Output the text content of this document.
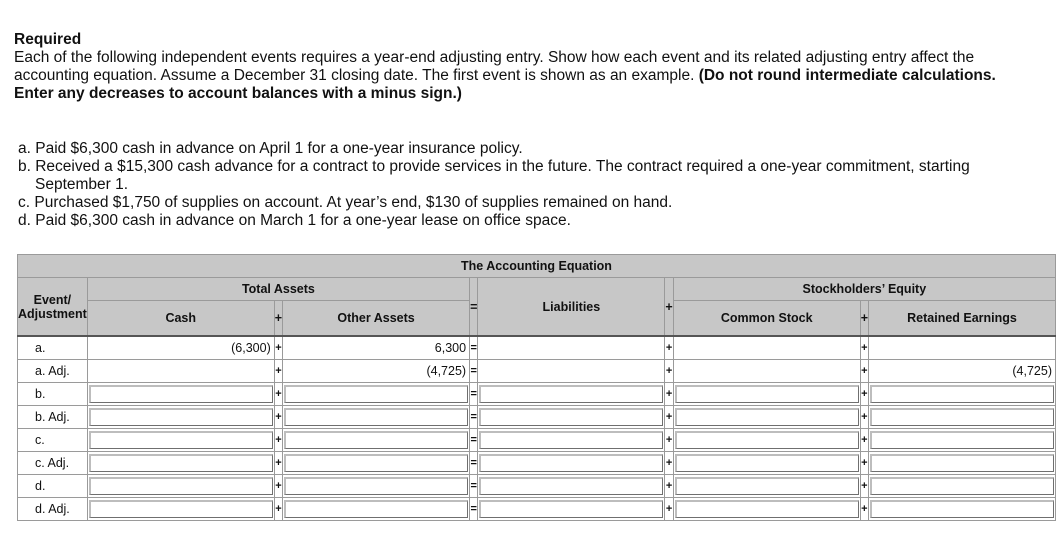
Required
Each of the following independent events requires a year-end adjusting entry. Show how each event and its related adjusting entry affect the accounting equation. Assume a December 31 closing date. The first event is shown as an example. (Do not round intermediate calculations. Enter any decreases to account balances with a minus sign.)
a. Paid $6,300 cash in advance on April 1 for a one-year insurance policy.
b. Received a $15,300 cash advance for a contract to provide services in the future. The contract required a one-year commitment, starting September 1.
c. Purchased $1,750 of supplies on account. At year’s end, $130 of supplies remained on hand.
d. Paid $6,300 cash in advance on March 1 for a one-year lease on office space.
The Accounting Equation									
Event/ Adjustment	Total Assets			=	Liabilities	+	Stockholders’ Equity		
	Cash	+	Other Assets				Common Stock	+	Retained Earnings
a.	(6,300)	+	6,300	=		+		+	
a. Adj.		+	(4,725)	=		+		+	(4,725)
b.		+		=		+		+	

b. Adj.		+		=		+		+	

c.		+		=		+		+	

c. Adj.		+		=		+		+	

d.		+		=		+		+	

d. Adj.		+		=		+		+	
